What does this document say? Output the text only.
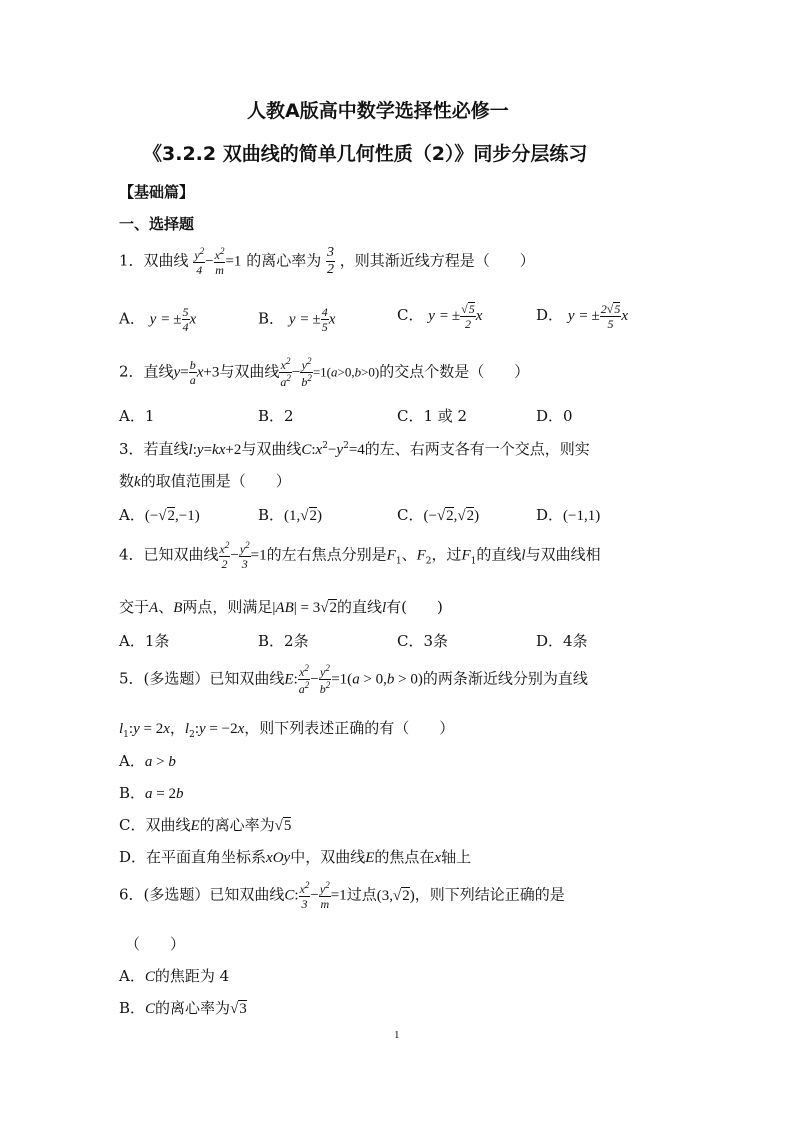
人教A版高中数学选择性必修一
《3.2.2 双曲线的简单几何性质（2）》同步分层练习
【基础篇】
一、选择题
1．双曲线 $\frac{y^2}{4} - \frac{x^2}{m} =1$ 的离心率为 $\frac{3}{2}$ ，则其渐近线方程是（　　）
A． y = ± $\frac{5}{4}$ x	B． y = ± $\frac{4}{5}$ x	C． y = ± $\frac{√5}{2}$ x	D． y = ± $\frac{2√5}{5}$ x
2．直线$y= \frac{b}{a} x+3$与双曲线 $\frac{x^2}{a^2} - \frac{y^2}{b^2} =1(a>0,b>0)$的交点个数是（　　）
A．1	B．2	C．1 或 2	D．0
3．若直线l:y=kx+2与双曲线$C:x^2-y^2=4$的左、右两支各有一个交点，则实
数k的取值范围是（　　）
A．(−√2,−1)	B．(1,√2)	C．(−√2,√2)	D．(−1,1)
4．已知双曲线 $\frac{x^2}{2} - \frac{y^2}{3} =1$的左右焦点分别是$F_1$、$F_2$，过$F_1$的直线l与双曲线相
交于A、B两点，则满足|AB| = 3√2的直线l有(　　)
A．1条	B．2条	C．3条	D．4条
5．(多选题）已知双曲线E: $\frac{x^2}{a^2} - \frac{y^2}{b^2} =1(a > 0,b > 0)$的两条渐近线分别为直线
$l_1:y = 2x$，$l_2:y = -2x$，则下列表述正确的有（　　）
A．a > b
B．a = 2b
C．双曲线E的离心率为√5
D．在平面直角坐标系xOy中，双曲线E的焦点在x轴上
6．(多选题）已知双曲线C: $\frac{x^2}{3} - \frac{y^2}{m} =1$过点(3,√2)，则下列结论正确的是
（　　）
A．C的焦距为 4
B．C的离心率为√3
1
